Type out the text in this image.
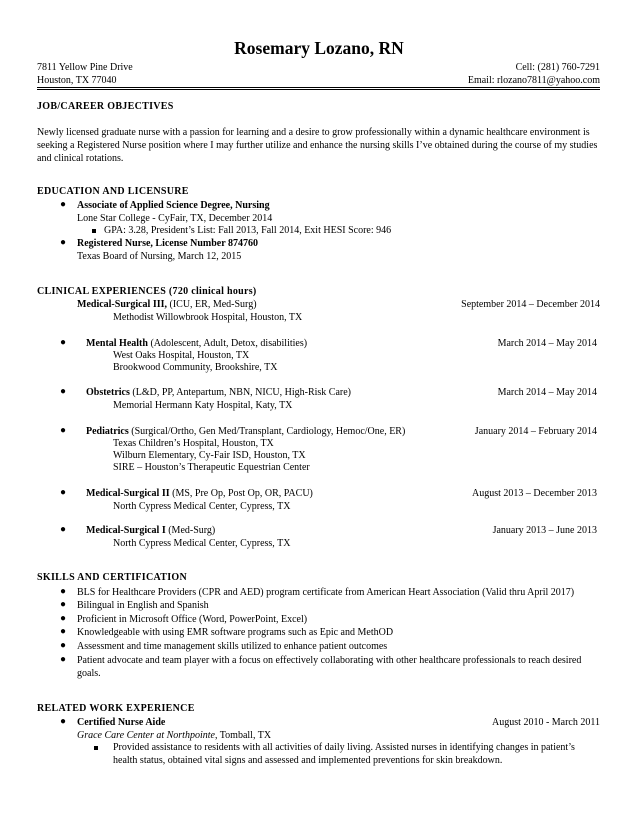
Rosemary Lozano, RN
7811 Yellow Pine Drive
Houston, TX 77040
Cell: (281) 760-7291
Email: rlozano7811@yahoo.com
JOB/CAREER OBJECTIVES
Newly licensed graduate nurse with a passion for learning and a desire to grow professionally within a dynamic healthcare environment is seeking a Registered Nurse position where I may further utilize and enhance the nursing skills I’ve obtained during the course of my studies and clinical rotations.
EDUCATION AND LICENSURE
● Associate of Applied Science Degree, Nursing
Lone Star College - CyFair, TX, December 2014
GPA: 3.28, President’s List: Fall 2013, Fall 2014, Exit HESI Score: 946
● Registered Nurse, License Number 874760
Texas Board of Nursing, March 12, 2015
CLINICAL EXPERIENCES (720 clinical hours)
Medical-Surgical III, (ICU, ER, Med-Surg)	September 2014 – December 2014
Methodist Willowbrook Hospital, Houston, TX
● Mental Health (Adolescent, Adult, Detox, disabilities)	March 2014 – May 2014
West Oaks Hospital, Houston, TX
Brookwood Community, Brookshire, TX
● Obstetrics (L&D, PP, Antepartum, NBN, NICU, High-Risk Care)	March 2014 – May 2014
Memorial Hermann Katy Hospital, Katy, TX
● Pediatrics (Surgical/Ortho, Gen Med/Transplant, Cardiology, Hemoc/One, ER)	January 2014 – February 2014
Texas Children’s Hospital, Houston, TX
Wilburn Elementary, Cy-Fair ISD, Houston, TX
SIRE – Houston’s Therapeutic Equestrian Center
● Medical-Surgical II (MS, Pre Op, Post Op, OR, PACU)	August 2013 – December 2013
North Cypress Medical Center, Cypress, TX
● Medical-Surgical I (Med-Surg)	January 2013 – June 2013
North Cypress Medical Center, Cypress, TX
SKILLS AND CERTIFICATION
● BLS for Healthcare Providers (CPR and AED) program certificate from American Heart Association (Valid thru April 2017)
● Bilingual in English and Spanish
● Proficient in Microsoft Office (Word, PowerPoint, Excel)
● Knowledgeable with using EMR software programs such as Epic and MethOD
● Assessment and time management skills utilized to enhance patient outcomes
● Patient advocate and team player with a focus on effectively collaborating with other healthcare professionals to reach desired goals.
RELATED WORK EXPERIENCE
● Certified Nurse Aide	August 2010 - March 2011
Grace Care Center at Northpointe, Tomball, TX
Provided assistance to residents with all activities of daily living. Assisted nurses in identifying changes in patient’s health status, obtained vital signs and assessed and implemented preventions for skin breakdown.
